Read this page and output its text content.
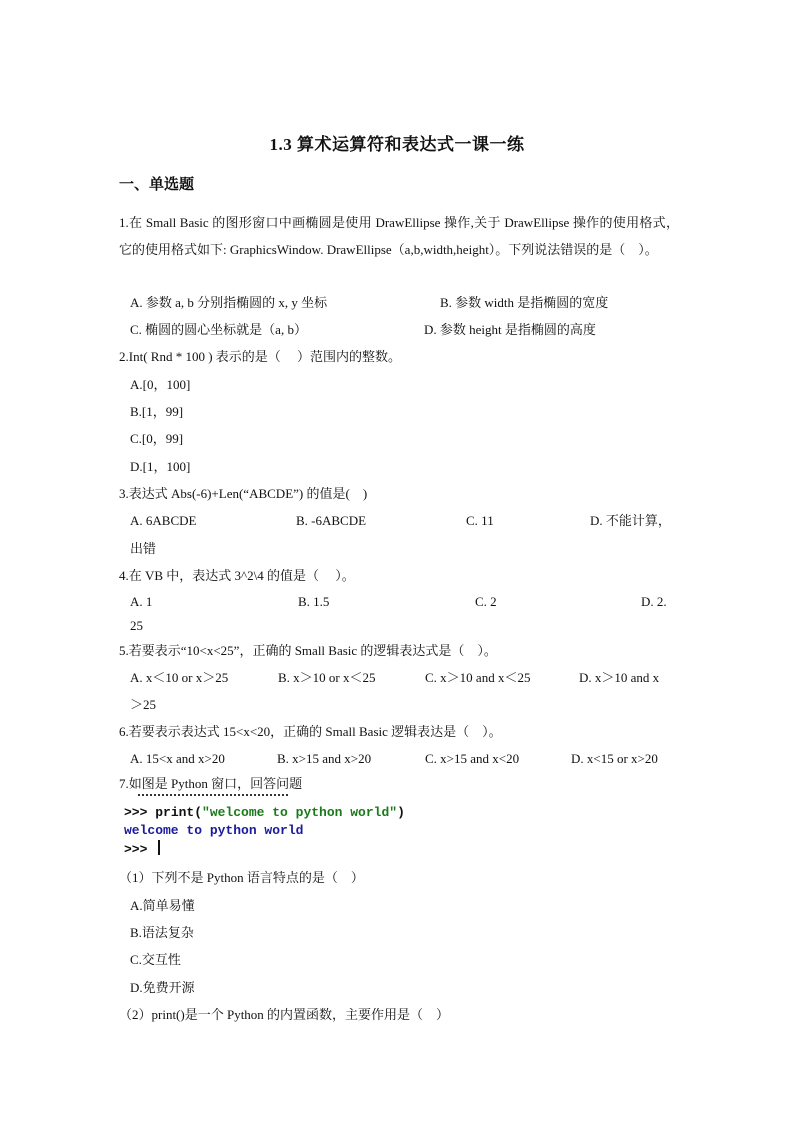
1.3 算术运算符和表达式一课一练
一、单选题
1.在 Small Basic 的图形窗口中画椭圆是使用 DrawEllipse 操作,关于 DrawEllipse 操作的使用格式，它的使用格式如下: GraphicsWindow. DrawEllipse（a,b,width,height）。下列说法错误的是（　）。
A. 参数 a, b 分别指椭圆的 x, y 坐标	B. 参数 width 是指椭圆的宽度
C. 椭圆的圆心坐标就是（a, b）	D. 参数 height 是指椭圆的高度
2.Int( Rnd * 100 ) 表示的是（　 ）范围内的整数。
A.[0，100]
B.[1，99]
C.[0，99]
D.[1，100]
3.表达式 Abs(-6)+Len(“ABCDE”) 的值是(　)
A. 6ABCDE	B. -6ABCDE	C. 11	D. 不能计算，
出错
4.在 VB 中，表达式 3^2\4 的值是（　 ）。
A. 1	B. 1.5	C. 2	D. 2.
25
5.若要表示“10<x<25”，正确的 Small Basic 的逻辑表达式是（　）。
A. x＜10 or x＞25	B. x＞10 or x＜25	C. x＞10 and x＜25	D. x＞10 and x
＞25
6.若要表示表达式 15<x<20，正确的 Small Basic 逻辑表达是（　）。
A. 15<x and x>20	B. x>15 and x>20	C. x>15 and x<20	D. x<15 or x>20
7.如图是 Python 窗口，回答问题
>>> print("welcome to python world")
welcome to python world
>>>
（1）下列不是 Python 语言特点的是（　）
A.简单易懂
B.语法复杂
C.交互性
D.免费开源
（2）print()是一个 Python 的内置函数，主要作用是（　）
